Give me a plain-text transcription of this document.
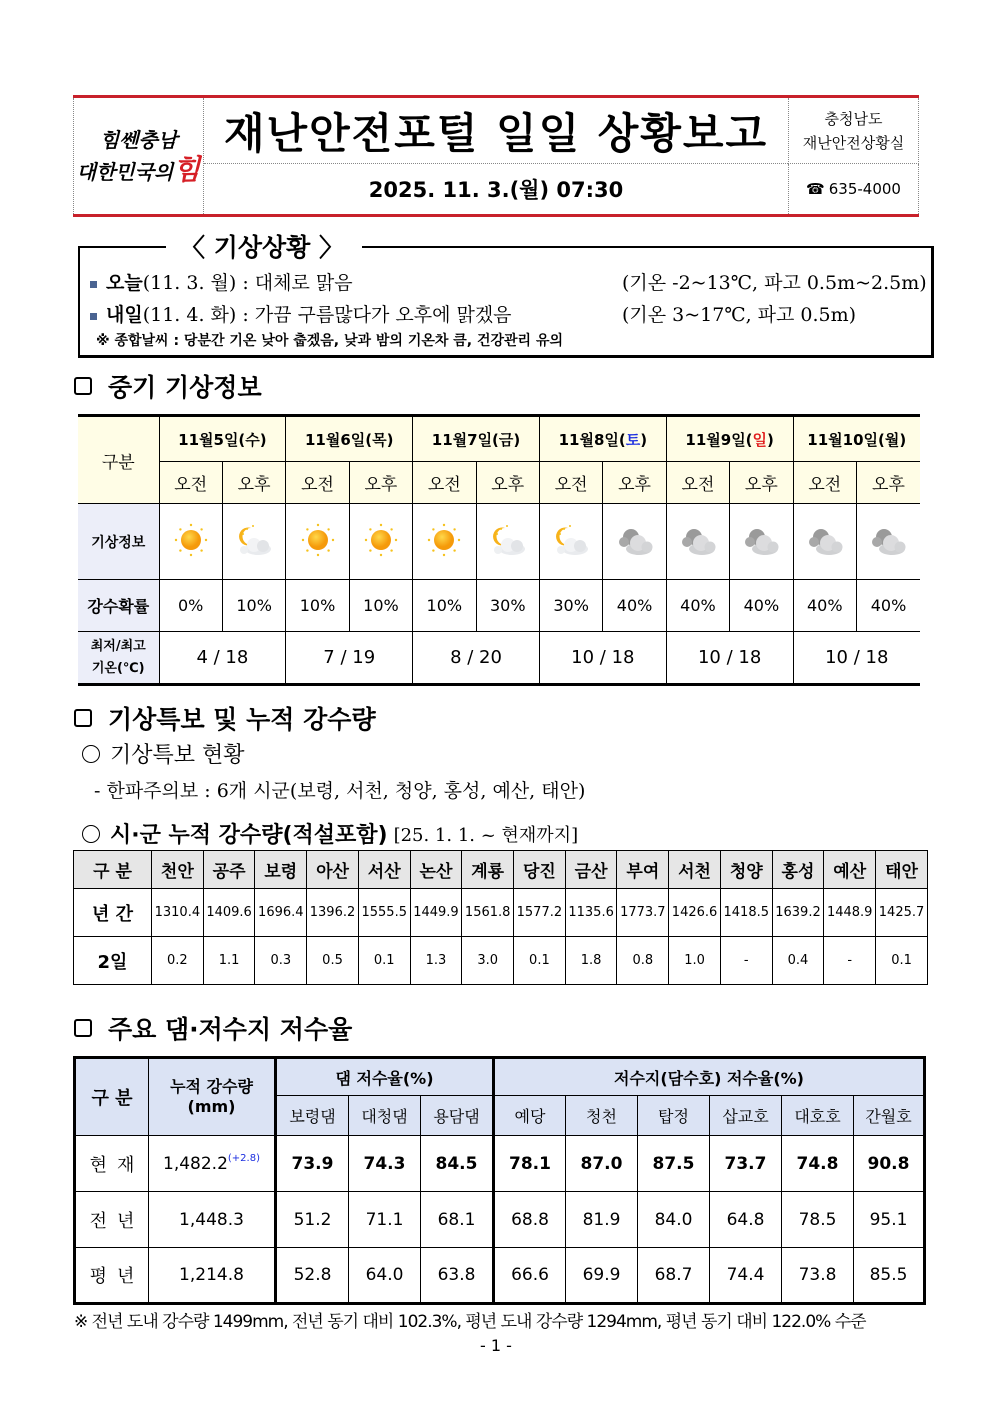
힘쎈충남
대한민국의힘
재난안전포털 일일 상황보고	충청남도
재난안전상황실
2025. 11. 3.(월) 07:30	☎ 635-4000
〈 기상상황 〉
오늘(11. 3. 월) : 대체로 맑음	(기온 -2~13℃, 파고 0.5m~2.5m)
내일(11. 4. 화) : 가끔 구름많다가 오후에 맑겠음	(기온 3~17℃, 파고 0.5m)
※ 종합날씨 : 당분간 기온 낮아 춥겠음, 낮과 밤의 기온차 큼, 건강관리 유의
중기 기상정보
구분	11월5일(수)		11월6일(목)		11월7일(금)		11월8일(토)		11월9일(일)		11월10일(월)	
	오전	오후	오전	오후	오전	오후	오전	오후	오전	오후	오전	오후
기상정보												
강수확률	0%	10%	10%	10%	10%	30%	30%	40%	40%	40%	40%	40%

최저/최고
기온(℃)	4 / 18		7 / 19		8 / 20		10 / 18		10 / 18		10 / 18	
기상특보 및 누적 강수량
기상특보 현황
- 한파주의보 : 6개 시군(보령, 서천, 청양, 홍성, 예산, 태안)
시·군 누적 강수량(적설포함) [25. 1. 1. ~ 현재까지]
구 분	천안	공주	보령	아산	서산	논산	계룡	당진	금산	부여	서천	청양	홍성	예산	태안
년 간	1310.4	1409.6	1696.4	1396.2	1555.5	1449.9	1561.8	1577.2	1135.6	1773.7	1426.6	1418.5	1639.2	1448.9	1425.7
2일	0.2	1.1	0.3	0.5	0.1	1.3	3.0	0.1	1.8	0.8	1.0	-	0.4	-	0.1
주요 댐·저수지 저수율
구 분	누적 강수량
(mm)	댐 저수율(%)			저수지(담수호) 저수율(%)					
		보령댐	대청댐	용담댐	예당	청천	탑정	삽교호	대호호	간월호
현재	$1,482.2^{(+2.8)}$	73.9	74.3	84.5	78.1	87.0	87.5	73.7	74.8	90.8
전년	1,448.3	51.2	71.1	68.1	68.8	81.9	84.0	64.8	78.5	95.1
평년	1,214.8	52.8	64.0	63.8	66.6	69.9	68.7	74.4	73.8	85.5
※ 전년 도내 강수량 1499mm, 전년 동기 대비 102.3%, 평년 도내 강수량 1294mm, 평년 동기 대비 122.0% 수준
- 1 -
